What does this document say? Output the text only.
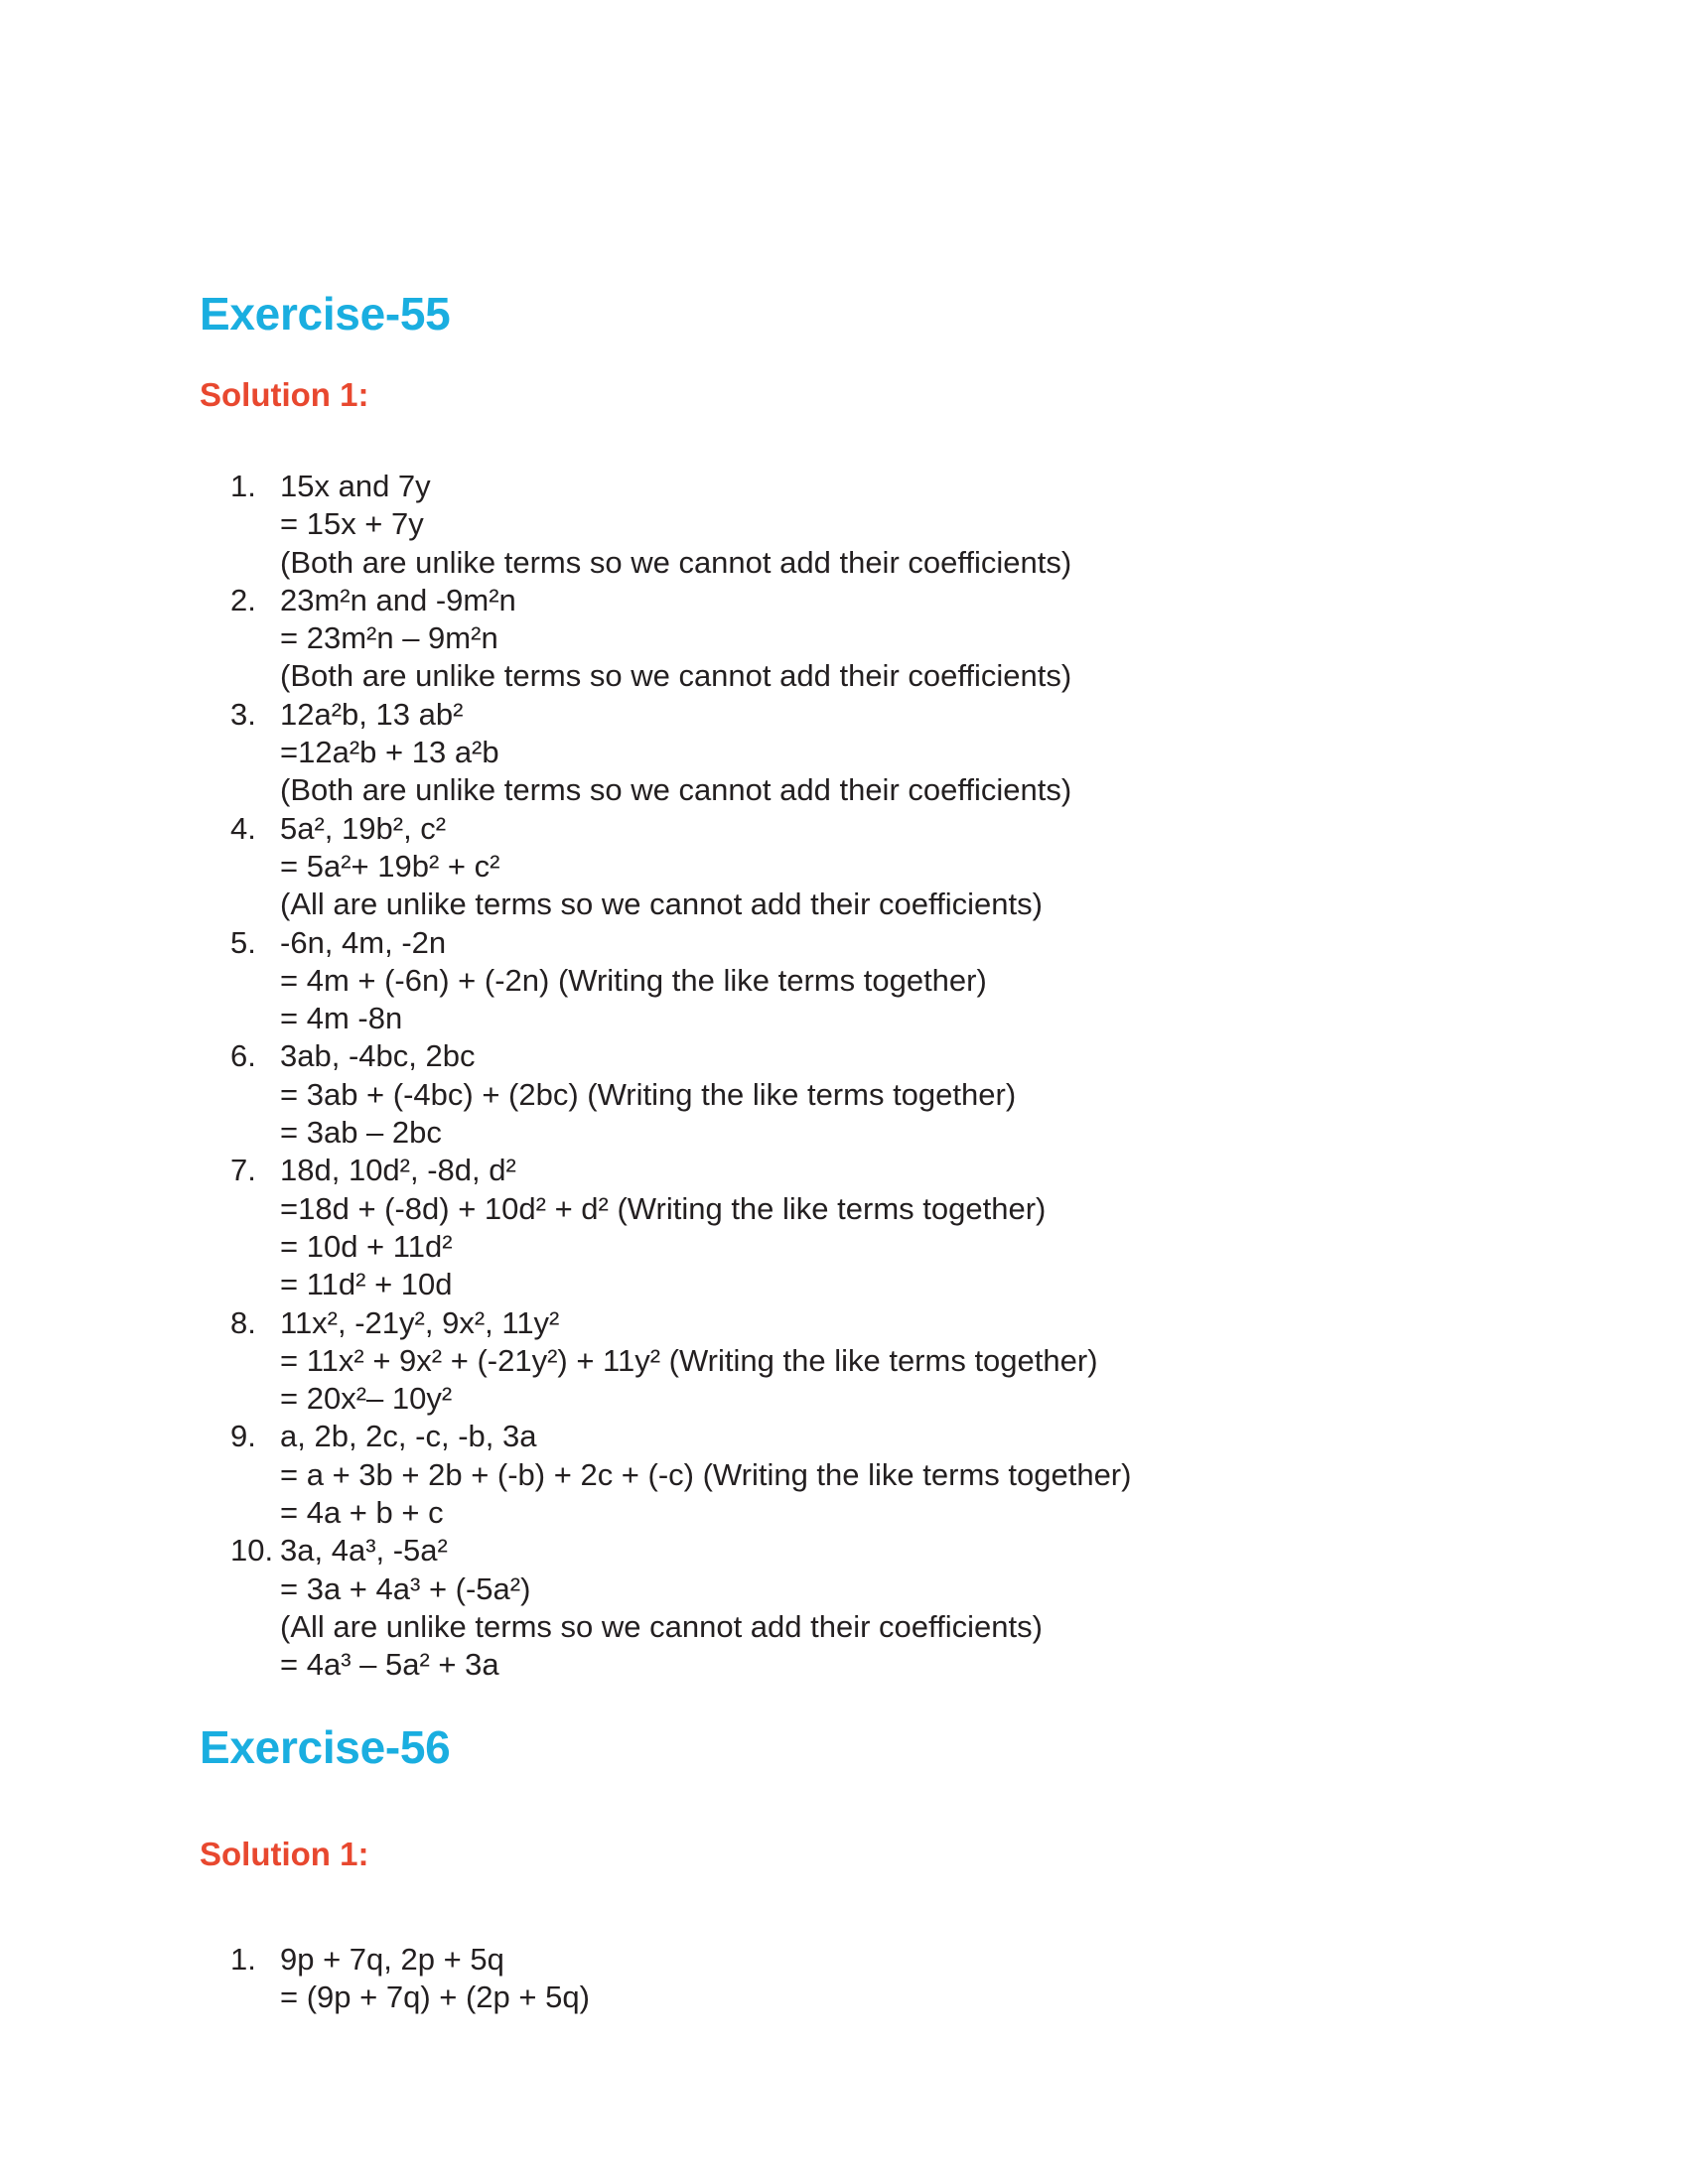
Exercise-55
Solution 1:
1. 15x and 7y
= 15x + 7y
(Both are unlike terms so we cannot add their coefficients)
2. 23m²n and -9m²n
= 23m²n – 9m²n
(Both are unlike terms so we cannot add their coefficients)
3. 12a²b, 13 ab²
=12a²b + 13 a²b
(Both are unlike terms so we cannot add their coefficients)
4. 5a², 19b², c²
= 5a²+ 19b² + c²
(All are unlike terms so we cannot add their coefficients)
5. -6n, 4m, -2n
= 4m + (-6n) + (-2n) (Writing the like terms together)
= 4m -8n
6. 3ab, -4bc, 2bc
= 3ab + (-4bc) + (2bc) (Writing the like terms together)
= 3ab – 2bc
7. 18d, 10d², -8d, d²
=18d + (-8d) + 10d² + d² (Writing the like terms together)
= 10d + 11d²
= 11d² + 10d
8. 11x², -21y², 9x², 11y²
= 11x² + 9x² + (-21y²) + 11y² (Writing the like terms together)
= 20x²– 10y²
9. a, 2b, 2c, -c, -b, 3a
= a + 3b + 2b + (-b) + 2c + (-c) (Writing the like terms together)
= 4a + b + c
10. 3a, 4a³, -5a²
= 3a + 4a³ + (-5a²)
(All are unlike terms so we cannot add their coefficients)
= 4a³ – 5a² + 3a
Exercise-56
Solution 1:
1. 9p + 7q, 2p + 5q
= (9p + 7q) + (2p + 5q)
